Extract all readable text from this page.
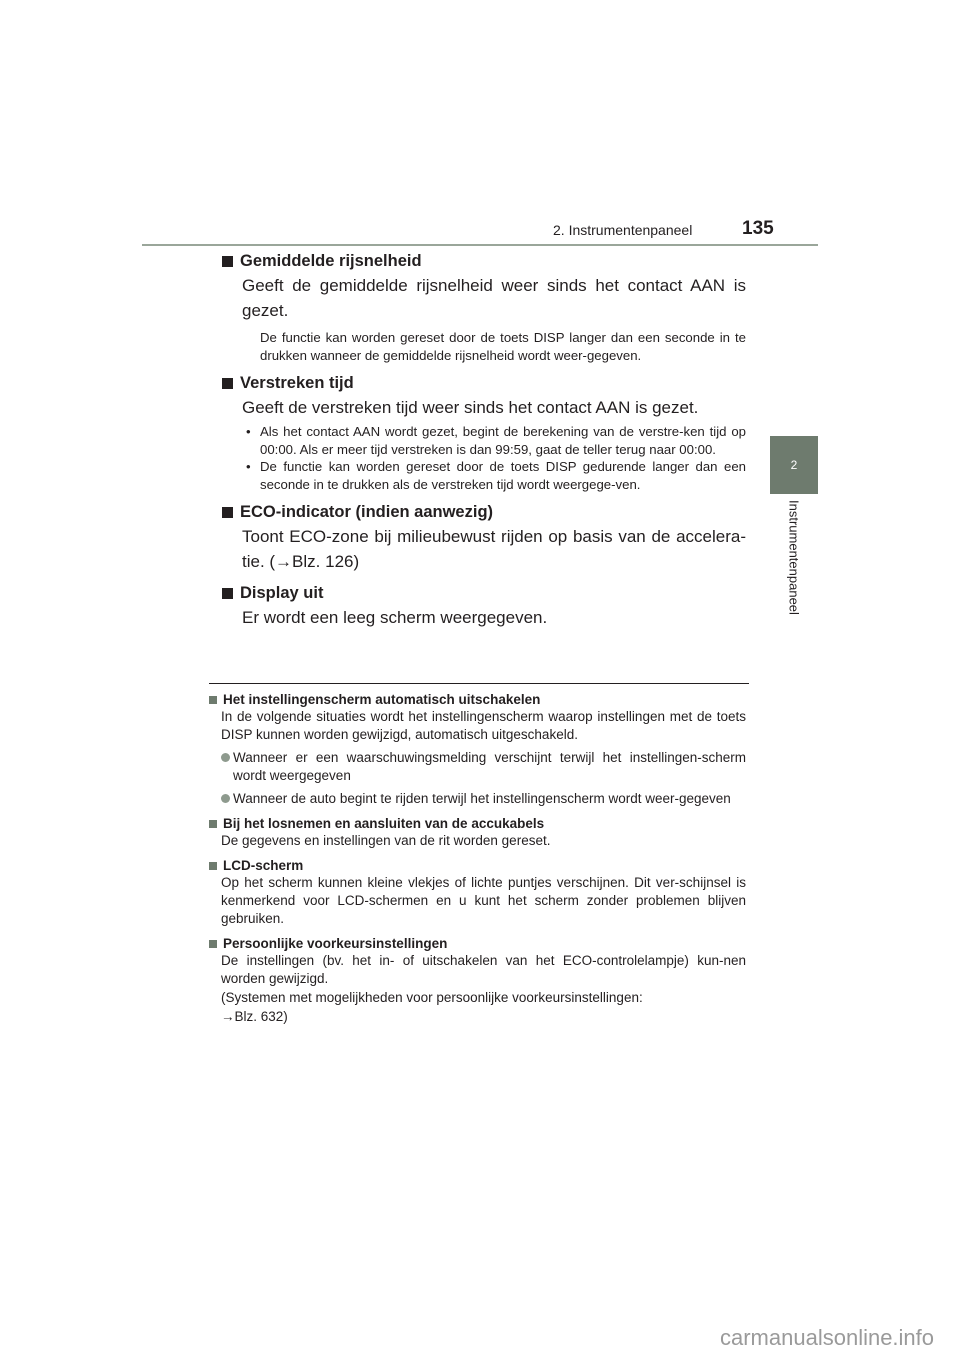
2. Instrumentenpaneel	135
2
Instrumentenpaneel
Gemiddelde rijsnelheid
Geeft de gemiddelde rijsnelheid weer sinds het contact AAN is gezet.
De functie kan worden gereset door de toets DISP langer dan een seconde in te drukken wanneer de gemiddelde rijsnelheid wordt weer-gegeven.
Verstreken tijd
Geeft de verstreken tijd weer sinds het contact AAN is gezet.
• Als het contact AAN wordt gezet, begint de berekening van de verstre-ken tijd op 00:00. Als er meer tijd verstreken is dan 99:59, gaat de teller terug naar 00:00.
• De functie kan worden gereset door de toets DISP gedurende langer dan een seconde in te drukken als de verstreken tijd wordt weergege-ven.
ECO-indicator (indien aanwezig)
Toont ECO-zone bij milieubewust rijden op basis van de accelera-tie. (→Blz. 126)
Display uit
Er wordt een leeg scherm weergegeven.
Het instellingenscherm automatisch uitschakelen
In de volgende situaties wordt het instellingenscherm waarop instellingen met de toets DISP kunnen worden gewijzigd, automatisch uitgeschakeld.
Wanneer er een waarschuwingsmelding verschijnt terwijl het instellingen-scherm wordt weergegeven
Wanneer de auto begint te rijden terwijl het instellingenscherm wordt weer-gegeven
Bij het losnemen en aansluiten van de accukabels
De gegevens en instellingen van de rit worden gereset.
LCD-scherm
Op het scherm kunnen kleine vlekjes of lichte puntjes verschijnen. Dit ver-schijnsel is kenmerkend voor LCD-schermen en u kunt het scherm zonder problemen blijven gebruiken.
Persoonlijke voorkeursinstellingen
De instellingen (bv. het in- of uitschakelen van het ECO-controlelampje) kun-nen worden gewijzigd.
(Systemen met mogelijkheden voor persoonlijke voorkeursinstellingen:
→Blz. 632)
carmanualsonline.info
